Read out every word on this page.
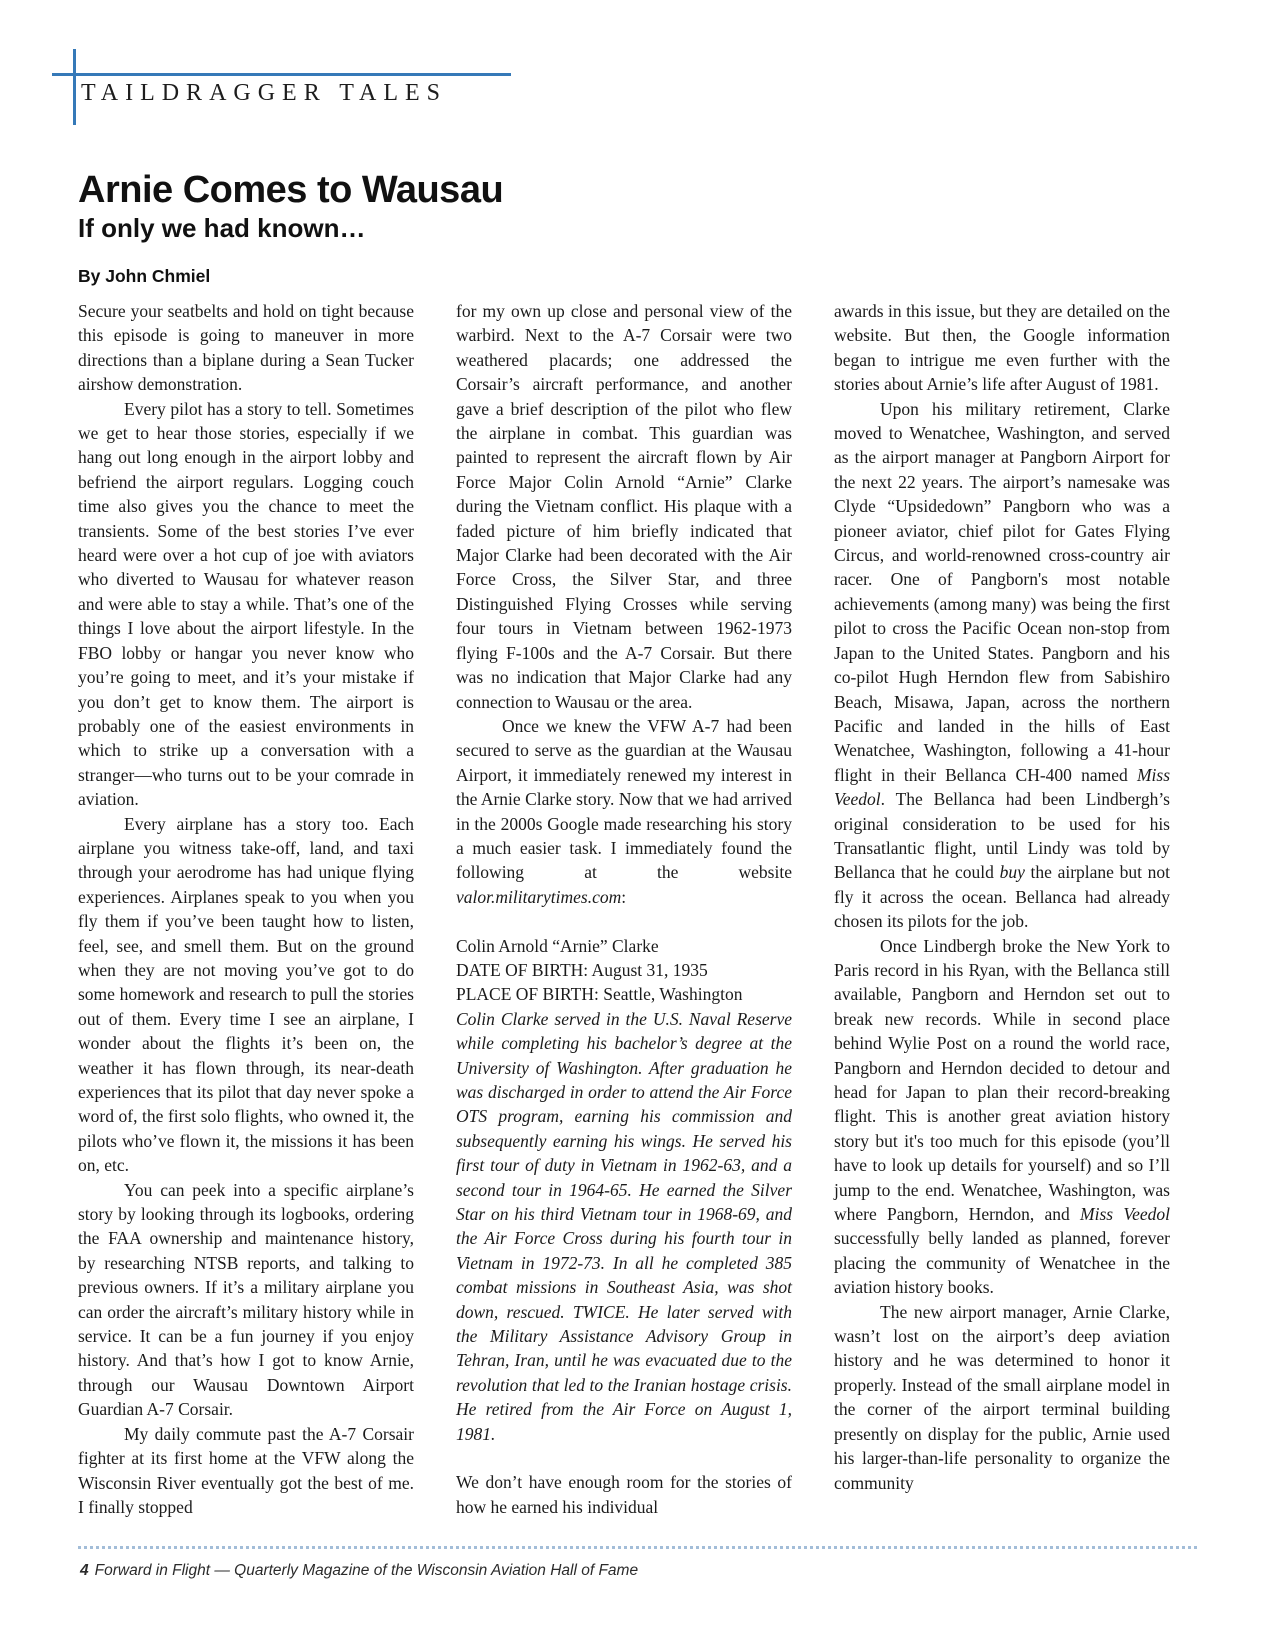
TAILDRAGGER TALES
Arnie Comes to Wausau
If only we had known…
By John Chmiel

Secure your seatbelts and hold on tight because this episode is going to maneuver in more directions than a biplane during a Sean Tucker airshow demonstration.

Every pilot has a story to tell. Sometimes we get to hear those stories, especially if we hang out long enough in the airport lobby and befriend the airport regulars. Logging couch time also gives you the chance to meet the transients. Some of the best stories I’ve ever heard were over a hot cup of joe with aviators who diverted to Wausau for whatever reason and were able to stay a while. That’s one of the things I love about the airport lifestyle. In the FBO lobby or hangar you never know who you’re going to meet, and it’s your mistake if you don’t get to know them. The airport is probably one of the easiest environments in which to strike up a conversation with a stranger—who turns out to be your comrade in aviation.

Every airplane has a story too. Each airplane you witness take-off, land, and taxi through your aerodrome has had unique flying experiences. Airplanes speak to you when you fly them if you’ve been taught how to listen, feel, see, and smell them. But on the ground when they are not moving you’ve got to do some homework and research to pull the stories out of them. Every time I see an airplane, I wonder about the flights it’s been on, the weather it has flown through, its near-death experiences that its pilot that day never spoke a word of, the first solo flights, who owned it, the pilots who’ve flown it, the missions it has been on, etc.

You can peek into a specific airplane’s story by looking through its logbooks, ordering the FAA ownership and maintenance history, by researching NTSB reports, and talking to previous owners. If it’s a military airplane you can order the aircraft’s military history while in service. It can be a fun journey if you enjoy history. And that’s how I got to know Arnie, through our Wausau Downtown Airport Guardian A-7 Corsair.

My daily commute past the A-7 Corsair fighter at its first home at the VFW along the Wisconsin River eventually got the best of me. I finally stopped

for my own up close and personal view of the warbird. Next to the A-7 Corsair were two weathered placards; one addressed the Corsair’s aircraft performance, and another gave a brief description of the pilot who flew the airplane in combat. This guardian was painted to represent the aircraft flown by Air Force Major Colin Arnold “Arnie” Clarke during the Vietnam conflict. His plaque with a faded picture of him briefly indicated that Major Clarke had been decorated with the Air Force Cross, the Silver Star, and three Distinguished Flying Crosses while serving four tours in Vietnam between 1962-1973 flying F-100s and the A-7 Corsair. But there was no indication that Major Clarke had any connection to Wausau or the area.

Once we knew the VFW A-7 had been secured to serve as the guardian at the Wausau Airport, it immediately renewed my interest in the Arnie Clarke story. Now that we had arrived in the 2000s Google made researching his story a much easier task. I immediately found the following at the website valor.militarytimes.com:

Colin Arnold “Arnie” Clarke

DATE OF BIRTH: August 31, 1935

PLACE OF BIRTH: Seattle, Washington

Colin Clarke served in the U.S. Naval Reserve while completing his bachelor’s degree at the University of Washington. After graduation he was discharged in order to attend the Air Force OTS program, earning his commission and subsequently earning his wings. He served his first tour of duty in Vietnam in 1962-63, and a second tour in 1964-65. He earned the Silver Star on his third Vietnam tour in 1968-69, and the Air Force Cross during his fourth tour in Vietnam in 1972-73. In all he completed 385 combat missions in Southeast Asia, was shot down, rescued. TWICE. He later served with the Military Assistance Advisory Group in Tehran, Iran, until he was evacuated due to the revolution that led to the Iranian hostage crisis. He retired from the Air Force on August 1, 1981.

We don’t have enough room for the stories of how he earned his individual

awards in this issue, but they are detailed on the website. But then, the Google information began to intrigue me even further with the stories about Arnie’s life after August of 1981.

Upon his military retirement, Clarke moved to Wenatchee, Washington, and served as the airport manager at Pangborn Airport for the next 22 years. The airport’s namesake was Clyde “Upsidedown” Pangborn who was a pioneer aviator, chief pilot for Gates Flying Circus, and world-renowned cross-country air racer. One of Pangborn's most notable achievements (among many) was being the first pilot to cross the Pacific Ocean non-stop from Japan to the United States. Pangborn and his co-pilot Hugh Herndon flew from Sabishiro Beach, Misawa, Japan, across the northern Pacific and landed in the hills of East Wenatchee, Washington, following a 41-hour flight in their Bellanca CH-400 named Miss Veedol. The Bellanca had been Lindbergh’s original consideration to be used for his Transatlantic flight, until Lindy was told by Bellanca that he could buy the airplane but not fly it across the ocean. Bellanca had already chosen its pilots for the job.

Once Lindbergh broke the New York to Paris record in his Ryan, with the Bellanca still available, Pangborn and Herndon set out to break new records. While in second place behind Wylie Post on a round the world race, Pangborn and Herndon decided to detour and head for Japan to plan their record-breaking flight. This is another great aviation history story but it's too much for this episode (you’ll have to look up details for yourself) and so I’ll jump to the end. Wenatchee, Washington, was where Pangborn, Herndon, and Miss Veedol successfully belly landed as planned, forever placing the community of Wenatchee in the aviation history books.

The new airport manager, Arnie Clarke, wasn’t lost on the airport’s deep aviation history and he was determined to honor it properly. Instead of the small airplane model in the corner of the airport terminal building presently on display for the public, Arnie used his larger-than-life personality to organize the community

4 Forward in Flight — Quarterly Magazine of the Wisconsin Aviation Hall of Fame
